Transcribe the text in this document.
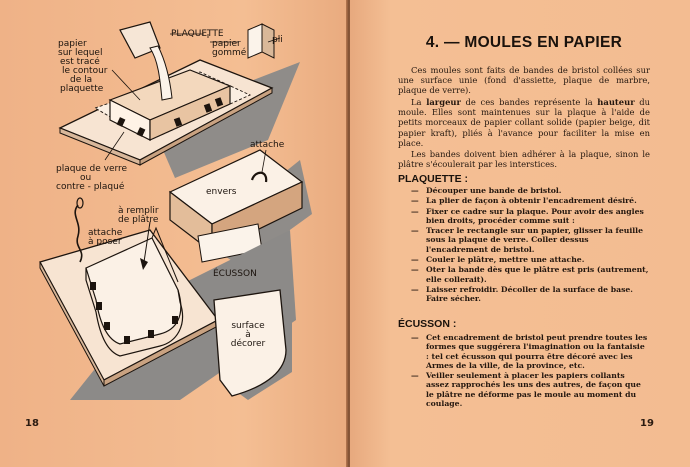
PLAQUETTE
papier
gommé
pli
papier
sur lequel
est tracé
le contour
de la
plaquette
plaque de verre
ou
contre - plaqué
attache
envers
à remplir
de plâtre
attache
à poser
ÉCUSSON
surface
à
décorer
18
4. — MOULES EN PAPIER
Ces moules sont faits de bandes de bristol collées sur une surface unie (fond d'assiette, plaque de marbre, plaque de verre).
La largeur de ces bandes représente la hauteur du moule. Elles sont maintenues sur la plaque à l'aide de petits morceaux de papier collant solide (papier beige, dit papier kraft), pliés à l'avance pour faciliter la mise en place.
Les bandes doivent bien adhérer à la plaque, sinon le plâtre s'écoulerait par les interstices.
PLAQUETTE :
— Découper une bande de bristol.
— La plier de façon à obtenir l'encadrement désiré.
— Fixer ce cadre sur la plaque. Pour avoir des angles bien droits, procéder comme suit :
— Tracer le rectangle sur un papier, glisser la feuille sous la plaque de verre. Coller dessus l'encadrement de bristol.
— Couler le plâtre, mettre une attache.
— Oter la bande dès que le plâtre est pris (autrement, elle collerait).
— Laisser refroidir. Décoller de la surface de base. Faire sécher.
ÉCUSSON :
— Cet encadrement de bristol peut prendre toutes les formes que suggérera l'imagination ou la fantaisie : tel cet écusson qui pourra être décoré avec les Armes de la ville, de la province, etc.
— Veiller seulement à placer les papiers collants assez rapprochés les uns des autres, de façon que le plâtre ne déforme pas le moule au moment du coulage.
19
